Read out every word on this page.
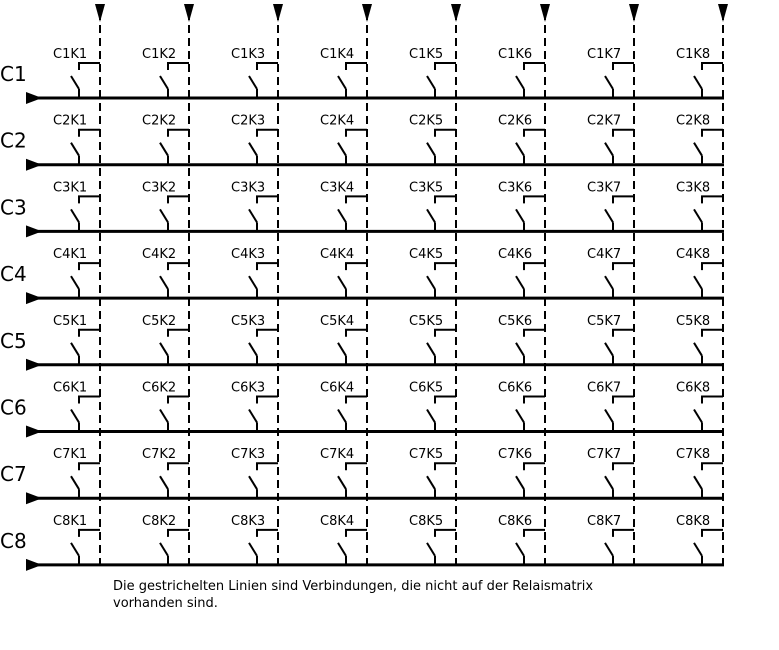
C1
C1K1	C1K2	C1K3	C1K4	C1K5	C1K6	C1K7	C1K8
C2
C2K1	C2K2	C2K3	C2K4	C2K5	C2K6	C2K7	C2K8
C3
C3K1	C3K2	C3K3	C3K4	C3K5	C3K6	C3K7	C3K8
C4
C4K1	C4K2	C4K3	C4K4	C4K5	C4K6	C4K7	C4K8
C5
C5K1	C5K2	C5K3	C5K4	C5K5	C5K6	C5K7	C5K8
C6
C6K1	C6K2	C6K3	C6K4	C6K5	C6K6	C6K7	C6K8
C7
C7K1	C7K2	C7K3	C7K4	C7K5	C7K6	C7K7	C7K8
C8
C8K1	C8K2	C8K3	C8K4	C8K5	C8K6	C8K7	C8K8
Die gestrichelten Linien sind Verbindungen, die nicht auf der Relaismatrix
vorhanden sind.
